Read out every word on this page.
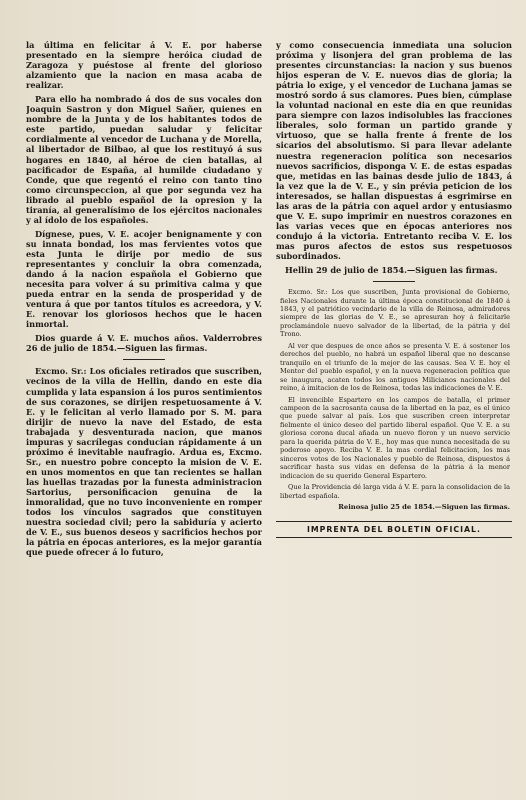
la última en felicitar á V. E. por haberse presentado en la siempre heróica ciudad de Zaragoza y puéstose al frente del glorioso alzamiento que la nacion en masa acaba de realizar.

Para ello ha nombrado á dos de sus vocales don Joaquin Sastron y don Miguel Sañer, quienes en nombre de la Junta y de los habitantes todos de este partido, puedan saludar y felicitar cordialmente al vencedor de Luchana y de Morella, al libertador de Bilbao, al que los restituyó á sus hogares en 1840, al héroe de cien batallas, al pacificador de España, al humilde ciudadano y Conde, que que regentó el reino con tanto tino como circunspeccion, al que por segunda vez ha librado al pueblo español de la opresion y la tiranía, al generalísimo de los ejércitos nacionales y al ídolo de los españoles.

Dígnese, pues, V. E. acojer benignamente y con su innata bondad, los mas fervientes votos que esta Junta le dirije por medio de sus representantes y concluir la obra comenzada, dando á la nacion española el Gobierno que necesita para volver á su primitiva calma y que pueda entrar en la senda de prosperidad y de ventura á que por tantos títulos es acreedora, y V. E. renovar los gloriosos hechos que le hacen inmortal.

Dios guarde á V. E. muchos años. Valderrobres 26 de julio de 1854.—Siguen las firmas.

Excmo. Sr.: Los oficiales retirados que suscriben, vecinos de la villa de Hellin, dando en este dia cumplida y lata espansion á los puros sentimientos de sus corazones, se dirijen respetuosamente á V. E. y le felicitan al verlo llamado por S. M. para dirijir de nuevo la nave del Estado, de esta trabajada y desventurada nacion, que manos impuras y sacrílegas conducian rápidamente á un próximo é inevitable naufragio. Ardua es, Excmo. Sr., en nuestro pobre concepto la mision de V. E. en unos momentos en que tan recientes se hallan las huellas trazadas por la funesta administracion Sartorius, personificacion genuina de la inmoralidad, que no tuvo inconveniente en romper todos los vínculos sagrados que constituyen nuestra sociedad civil; pero la sabiduría y acierto de V. E., sus buenos deseos y sacrificios hechos por la pátria en épocas anteriores, es la mejor garantía que puede ofrecer á lo futuro,

y como consecuencia inmediata una solucion próxima y lisonjera del gran problema de las presentes circunstancias: la nacion y sus buenos hijos esperan de V. E. nuevos dias de gloria; la pátria lo exige, y el vencedor de Luchana jamas se mostró sordo á sus clamores. Pues bien, cúmplase la voluntad nacional en este dia en que reunidas para siempre con lazos indisolubles las fracciones liberales, solo forman un partido grande y virtuoso, que se halla frente á frente de los sicarios del absolutismo. Si para llevar adelante nuestra regeneracion política son necesarios nuevos sacrificios, disponga V. E. de estas espadas que, metidas en las bainas desde julio de 1843, á la vez que la de V. E., y sin prévia peticion de los interesados, se hallan dispuestas á esgrimirse en las aras de la pátria con aquel ardor y entusiasmo que V. E. supo imprimir en nuestros corazones en las varias veces que en épocas anteriores nos condujo á la victoria. Entretanto reciba V. E. los mas puros afectos de estos sus respetuosos subordinados.

Hellin 29 de julio de 1854.—Siguen las firmas.

Excmo. Sr.: Los que suscriben, Junta provisional de Gobierno, fieles Nacionales durante la última época constitucional de 1840 á 1843, y el patriótico vecindario de la villa de Reinosa, admiradores siempre de las glorias de V. E., se apresuran hoy á felicitarle proclamándole nuevo salvador de la libertad, de la pátria y del Trono.

Al ver que despues de once años se presenta V. E. á sostener los derechos del pueblo, no habrá un español liberal que no descanse tranquilo en el triunfo de la mejor de las causas. Sea V. E. hoy el Mentor del pueblo español, y en la nueva regeneracion política que se inaugura, acaten todos los antiguos Milicianos nacionales del reino, á imitacion de los de Reinosa, todas las indicaciones de V. E.

El invencible Espartero en los campos de batalla, el primer campeon de la sacrosanta causa de la libertad en la paz, es el único que puede salvar al país. Los que suscriben creen interpretar fielmente el único deseo del partido liberal español. Que V. E. a su gloriosa corona ducal añada un nuevo floron y un nuevo servicio para la querida pátria de V. E., hoy mas que nunca necesitada de su poderoso apoyo. Reciba V. E. la mas cordial felicitacion, los mas sinceros votos de los Nacionales y pueblo de Reinosa, dispuestos á sacrificar hasta sus vidas en defensa de la pátria á la menor indicacion de su querido General Espartero.

Que la Providencia dé larga vida á V. E. para la consolidacion de la libertad española.

Reinosa julio 25 de 1854.—Siguen las firmas.

IMPRENTA DEL BOLETIN OFICIAL.
